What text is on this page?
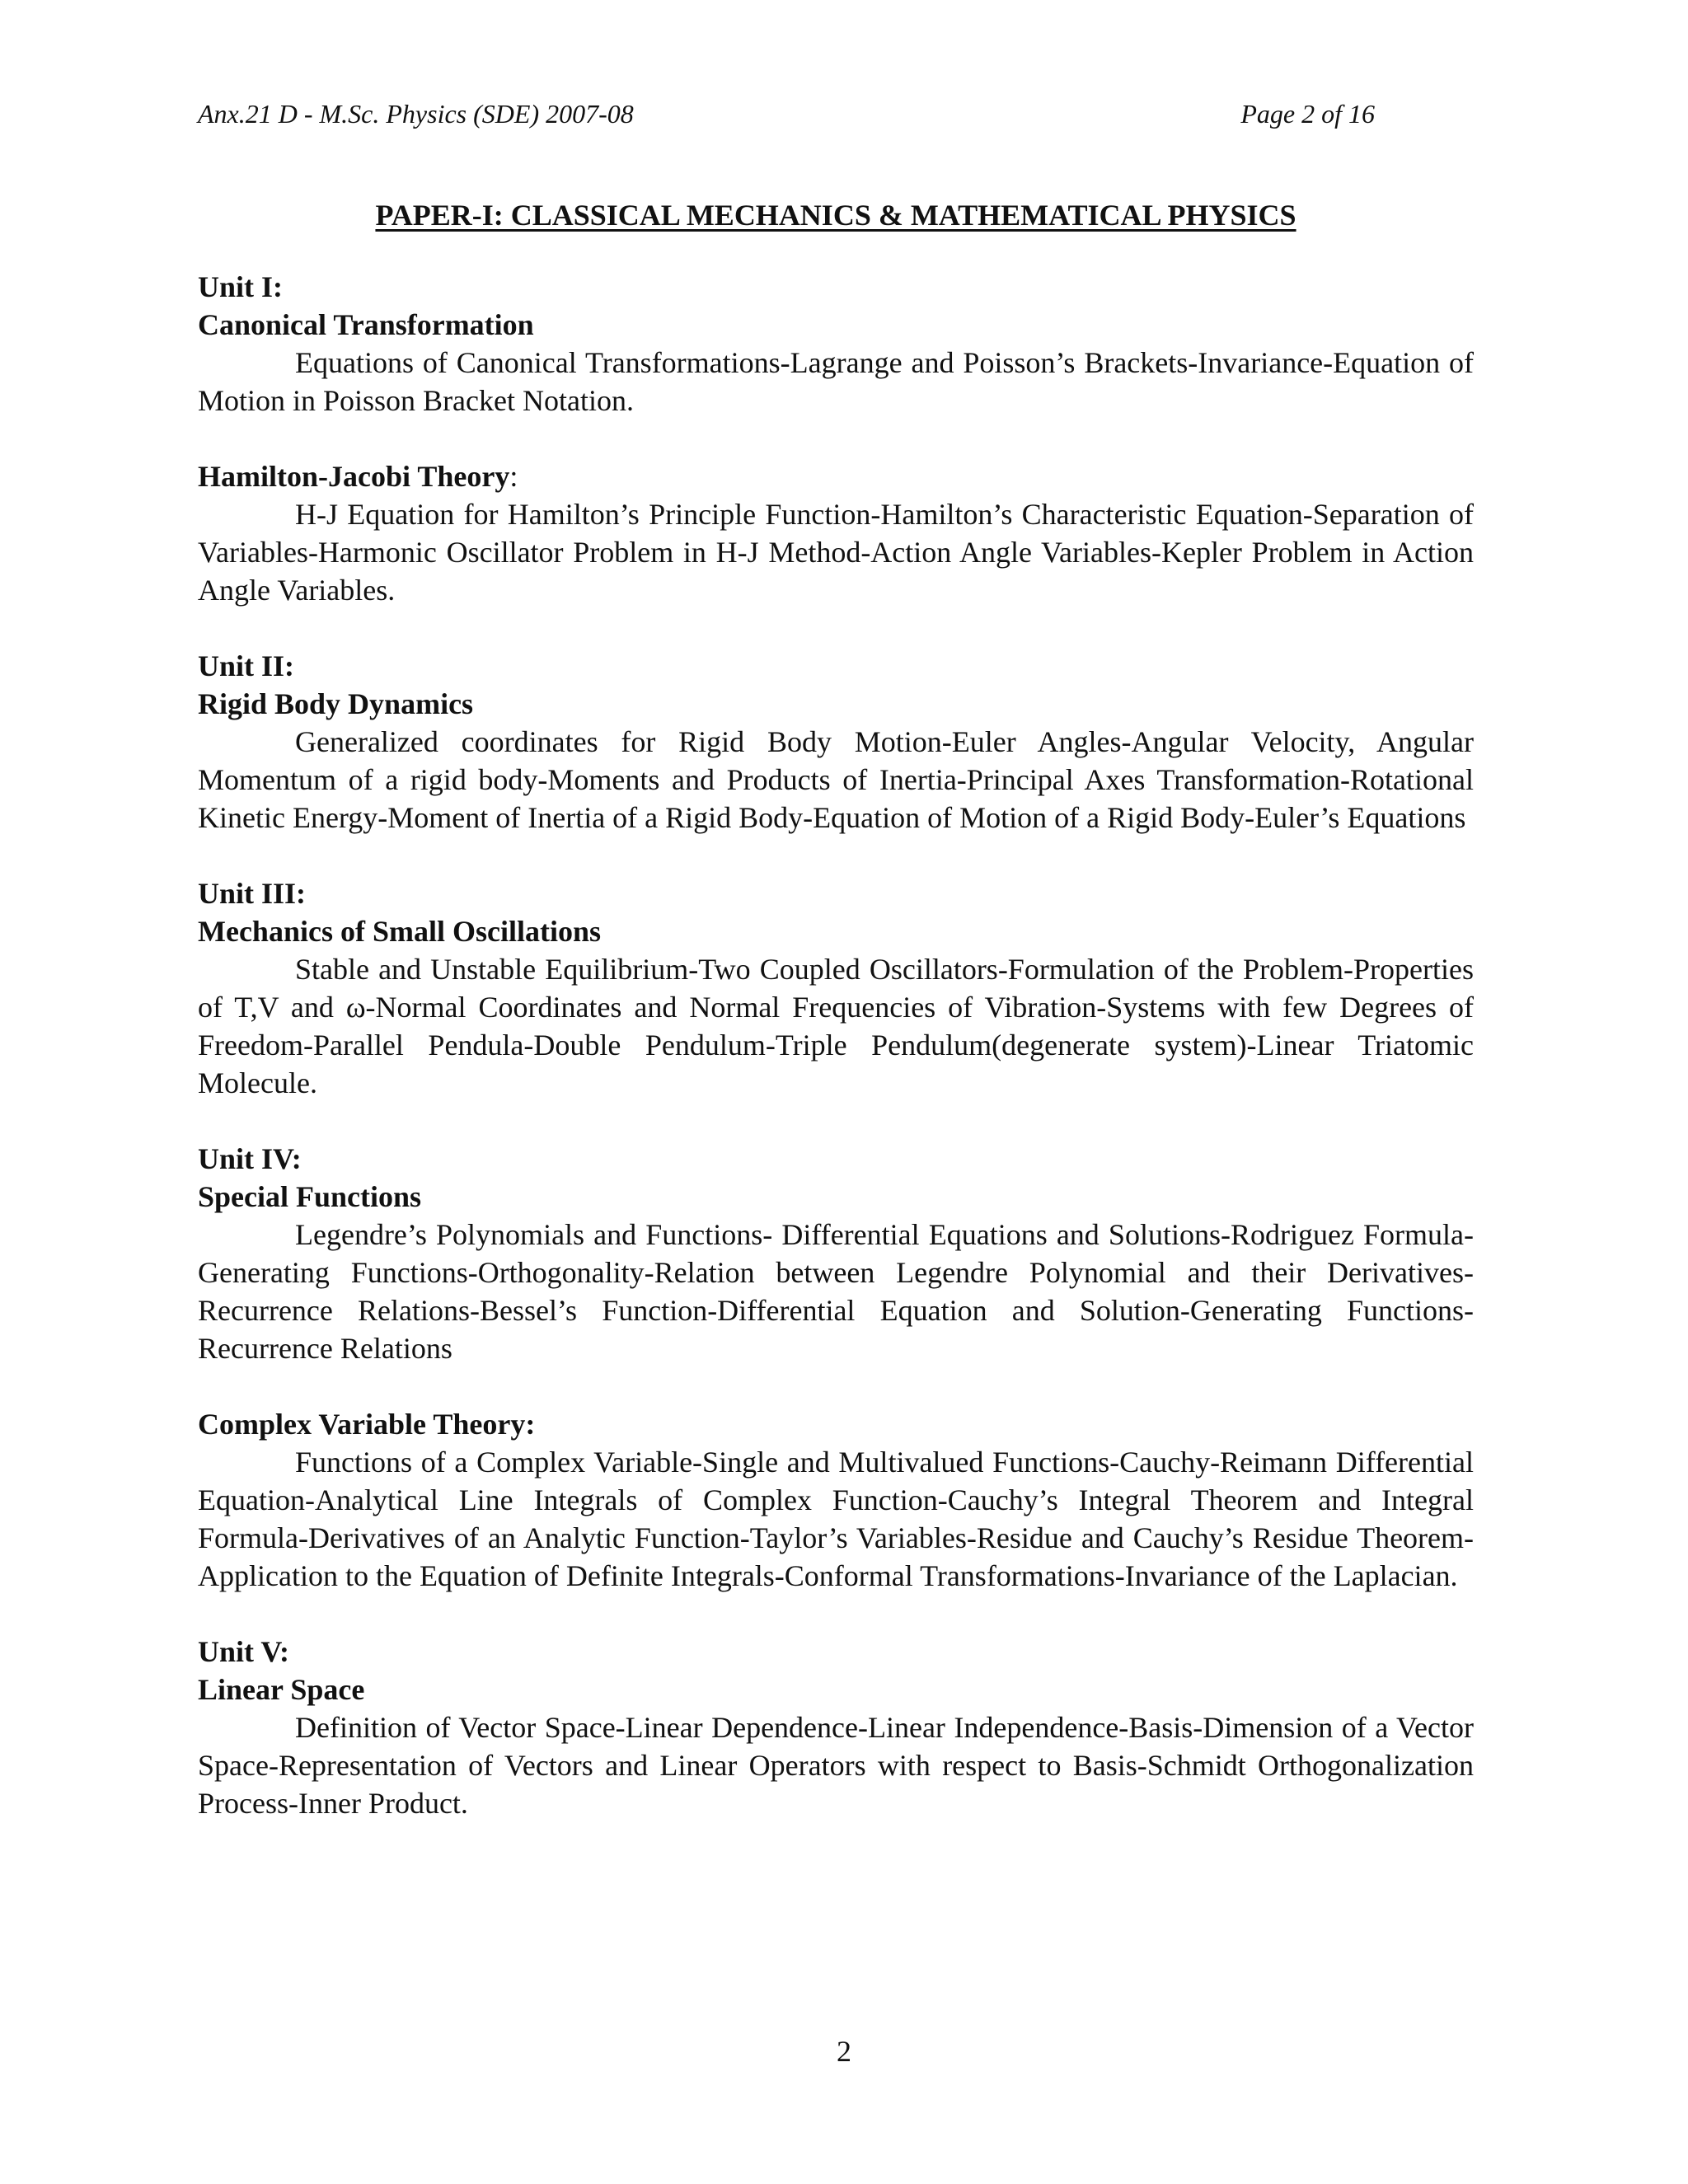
Anx.21 D - M.Sc. Physics (SDE) 2007-08	Page 2 of 16
PAPER-I: CLASSICAL MECHANICS & MATHEMATICAL PHYSICS

Unit I:

Canonical Transformation

Equations of Canonical Transformations-Lagrange and Poisson’s Brackets-Invariance-Equation of Motion in Poisson Bracket Notation.

Hamilton-Jacobi Theory:

H-J Equation for Hamilton’s Principle Function-Hamilton’s Characteristic Equation-Separation of Variables-Harmonic Oscillator Problem in H-J Method-Action Angle Variables-Kepler Problem in Action Angle Variables.

Unit II:

Rigid Body Dynamics

Generalized coordinates for Rigid Body Motion-Euler Angles-Angular Velocity, Angular Momentum of a rigid body-Moments and Products of Inertia-Principal Axes Transformation-Rotational Kinetic Energy-Moment of Inertia of a Rigid Body-Equation of Motion of a Rigid Body-Euler’s Equations

Unit III:

Mechanics of Small Oscillations

Stable and Unstable Equilibrium-Two Coupled Oscillators-Formulation of the Problem-Properties of T,V and ω-Normal Coordinates and Normal Frequencies of Vibration-Systems with few Degrees of Freedom-Parallel Pendula-Double Pendulum-Triple Pendulum(degenerate system)-Linear Triatomic Molecule.

Unit IV:

Special Functions

Legendre’s Polynomials and Functions- Differential Equations and Solutions-Rodriguez Formula-Generating Functions-Orthogonality-Relation between Legendre Polynomial and their Derivatives-Recurrence Relations-Bessel’s Function-Differential Equation and Solution-Generating Functions-Recurrence Relations

Complex Variable Theory:

Functions of a Complex Variable-Single and Multivalued Functions-Cauchy-Reimann Differential Equation-Analytical Line Integrals of Complex Function-Cauchy’s Integral Theorem and Integral Formula-Derivatives of an Analytic Function-Taylor’s Variables-Residue and Cauchy’s Residue Theorem-Application to the Equation of Definite Integrals-Conformal Transformations-Invariance of the Laplacian.

Unit V:

Linear Space

Definition of Vector Space-Linear Dependence-Linear Independence-Basis-Dimension of a Vector Space-Representation of Vectors and Linear Operators with respect to Basis-Schmidt Orthogonalization Process-Inner Product.

2
